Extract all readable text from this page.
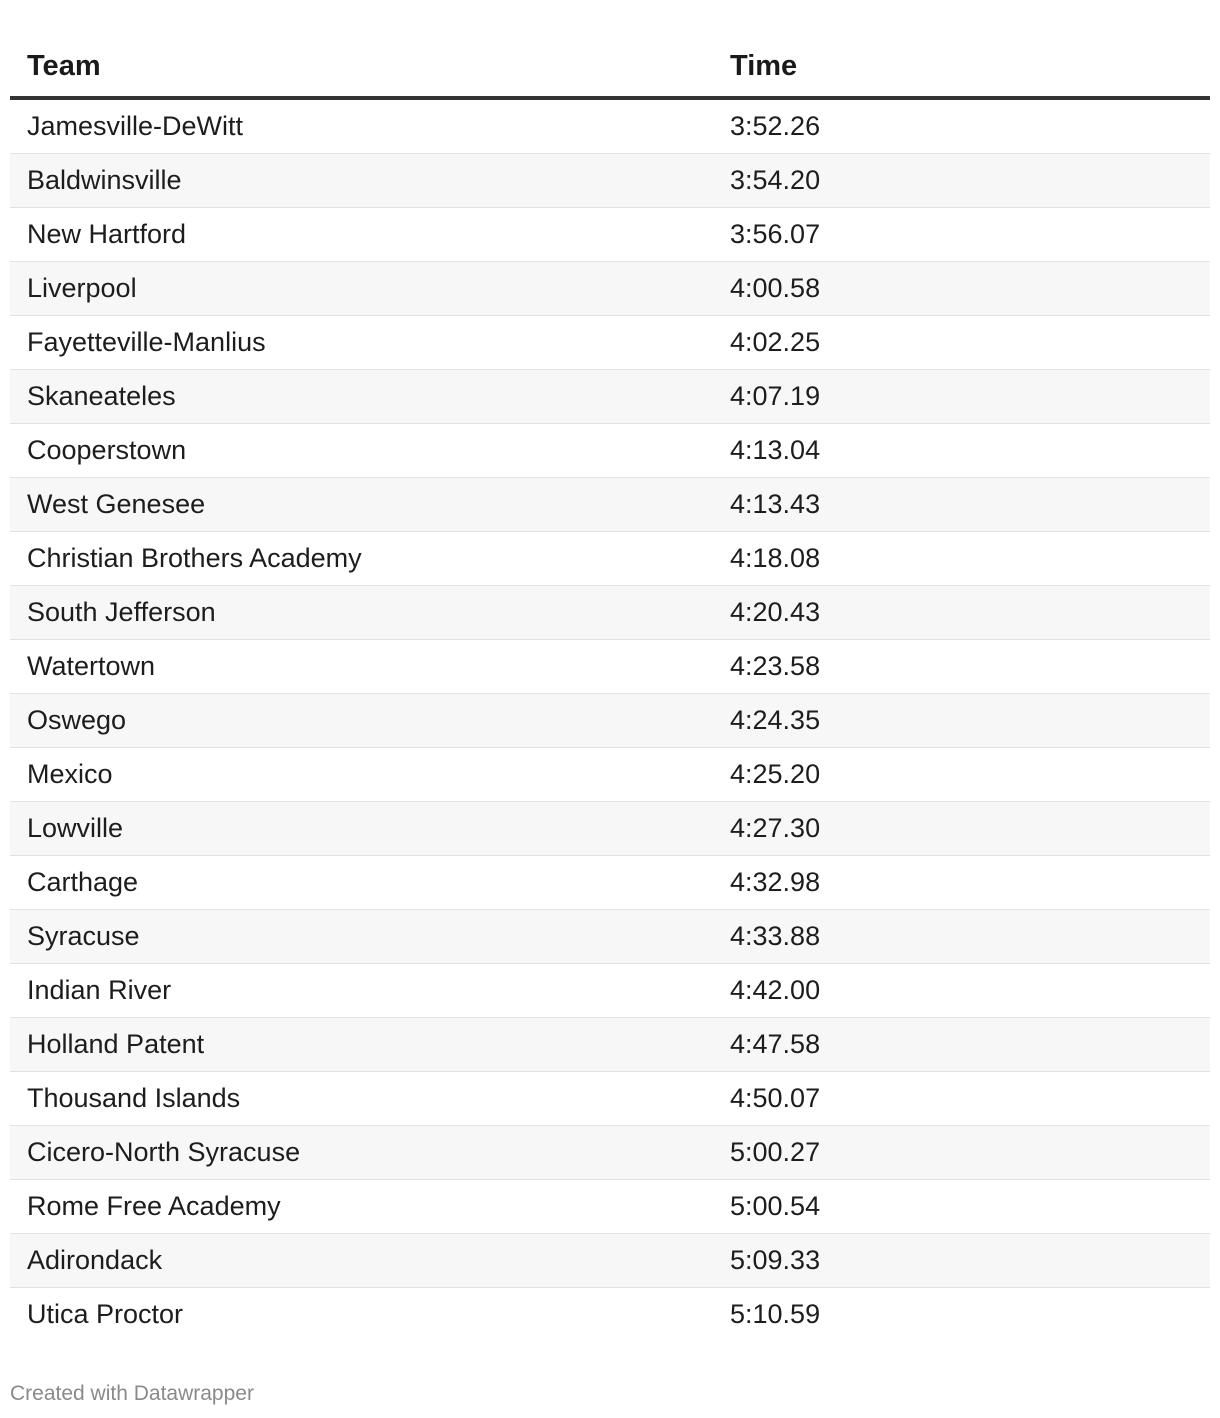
Team	Time
Jamesville-DeWitt	3:52.26
Baldwinsville	3:54.20
New Hartford	3:56.07
Liverpool	4:00.58
Fayetteville-Manlius	4:02.25
Skaneateles	4:07.19
Cooperstown	4:13.04
West Genesee	4:13.43
Christian Brothers Academy	4:18.08
South Jefferson	4:20.43
Watertown	4:23.58
Oswego	4:24.35
Mexico	4:25.20
Lowville	4:27.30
Carthage	4:32.98
Syracuse	4:33.88
Indian River	4:42.00
Holland Patent	4:47.58
Thousand Islands	4:50.07
Cicero-North Syracuse	5:00.27
Rome Free Academy	5:00.54
Adirondack	5:09.33
Utica Proctor	5:10.59
Created with Datawrapper
